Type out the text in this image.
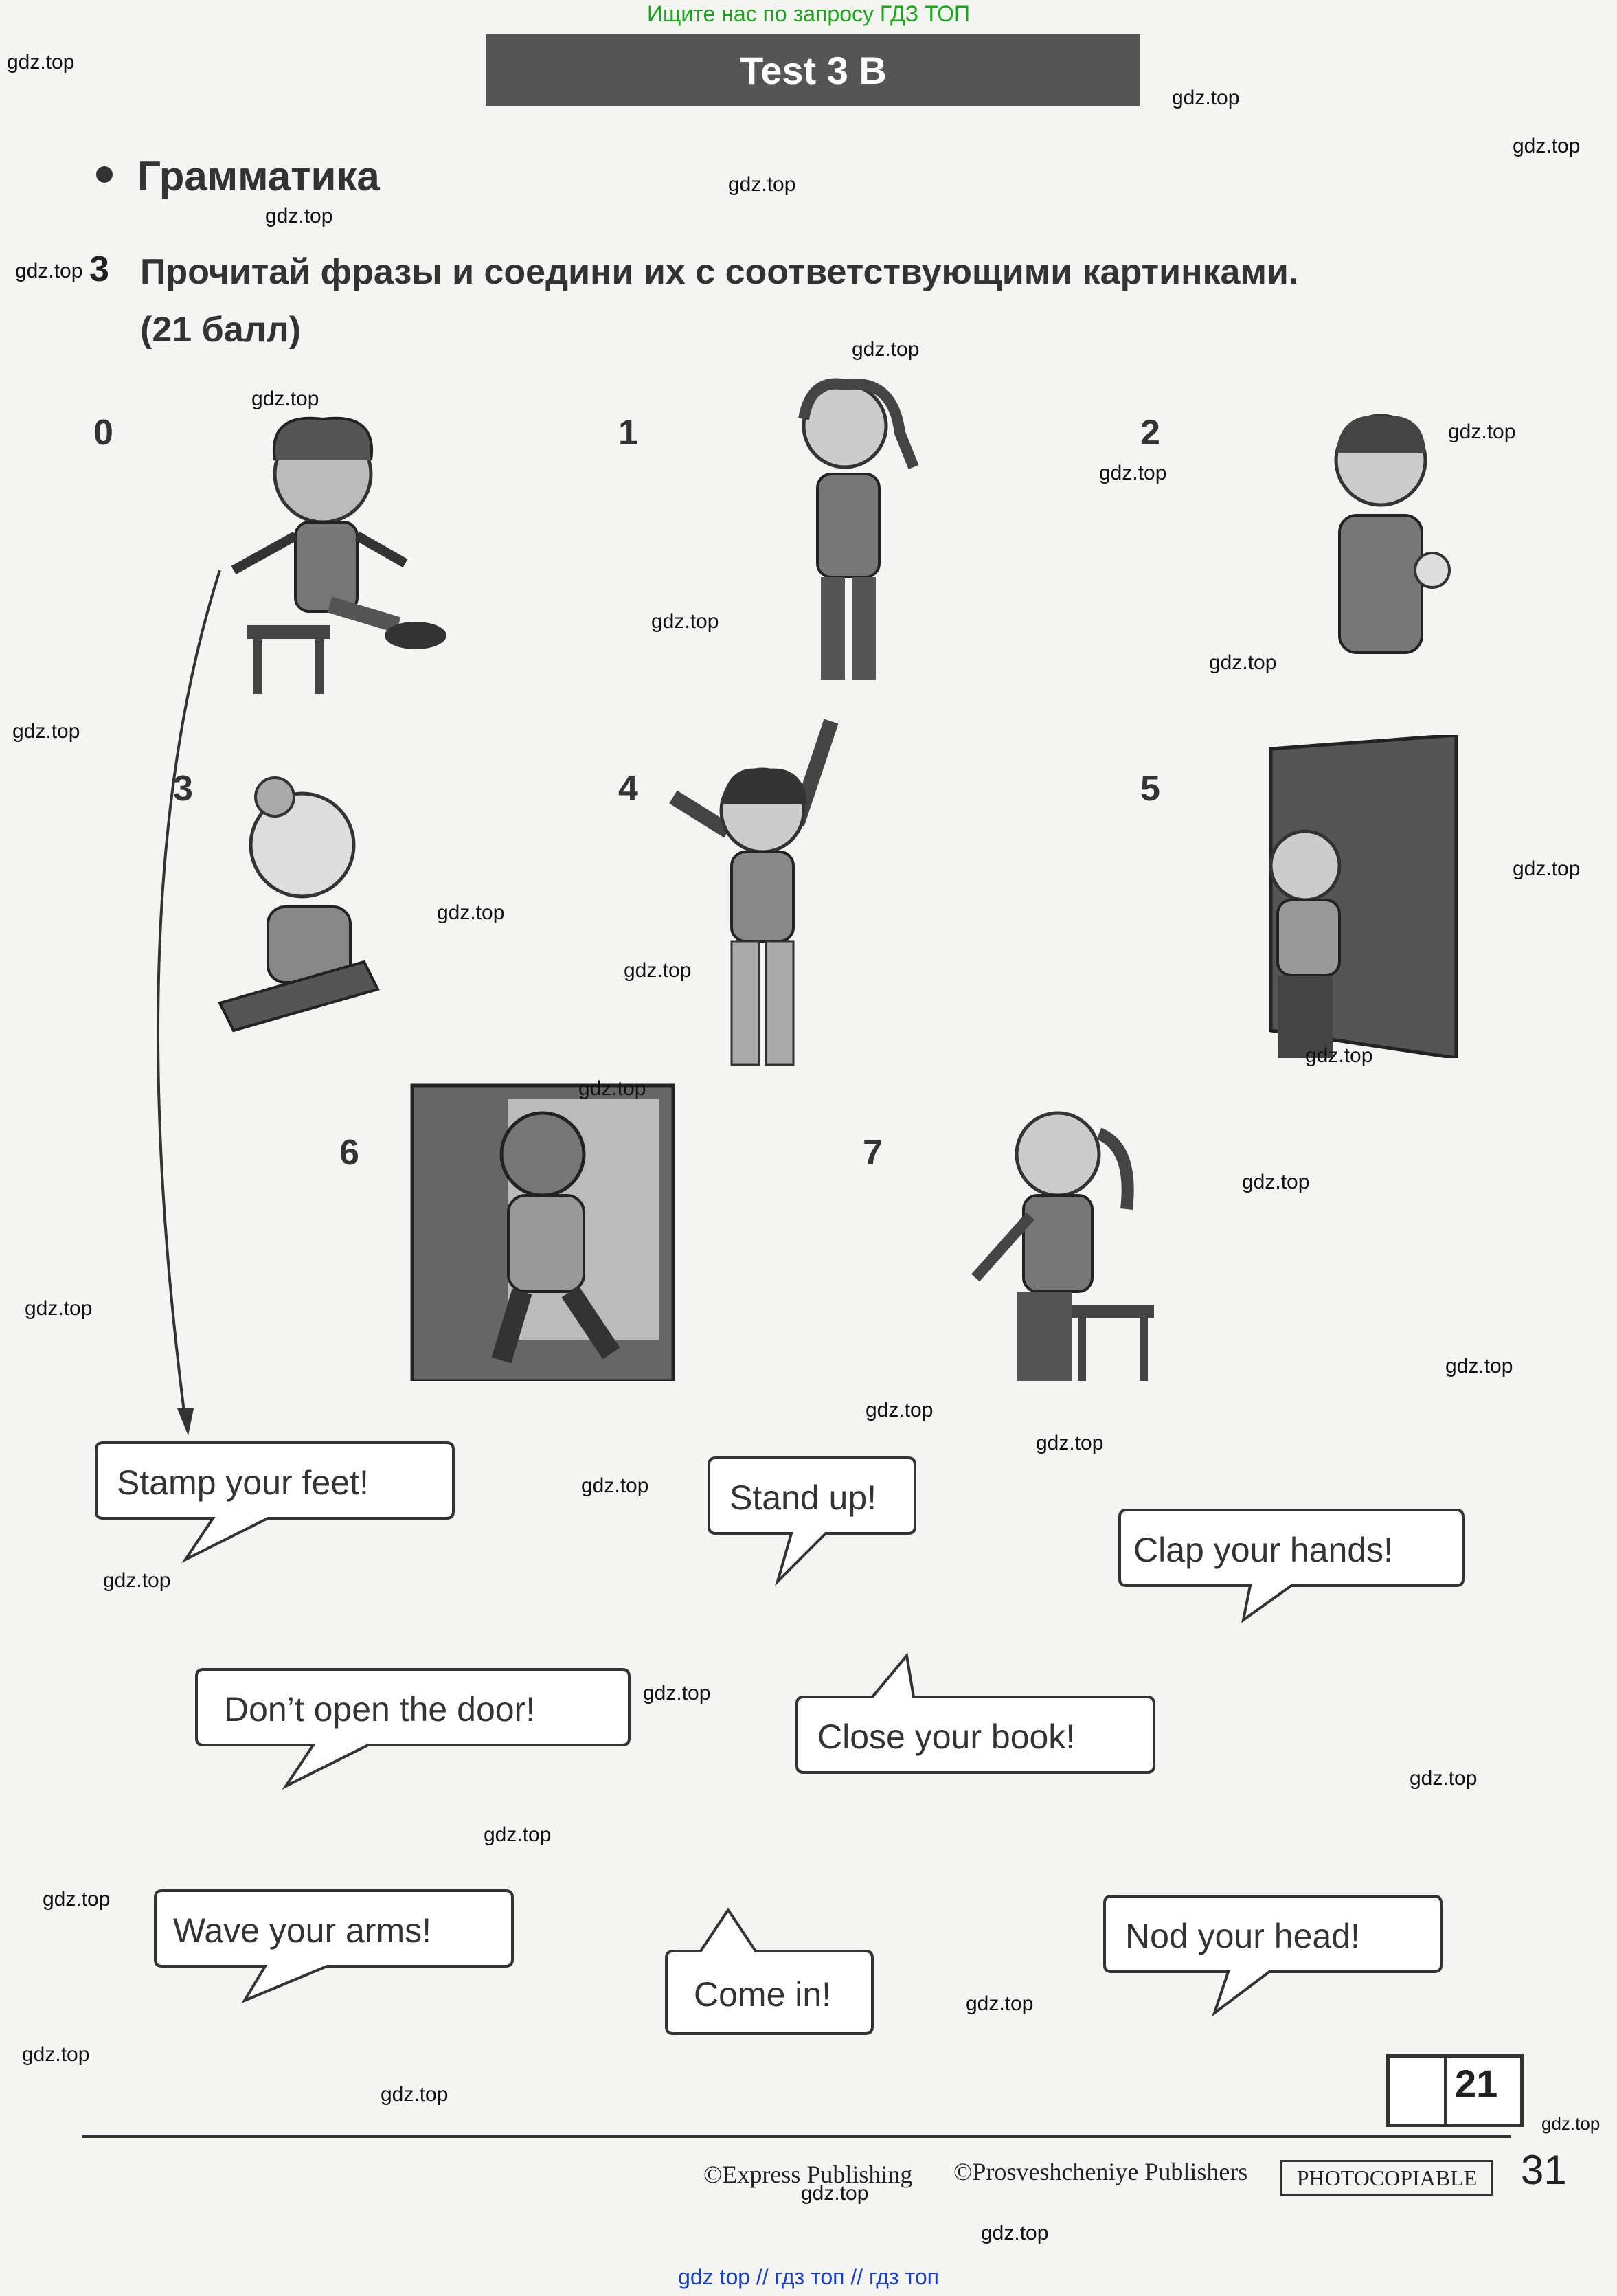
Ищите нас по запросу ГДЗ ТОП
Test 3 B
Грамматика
3 Прочитай фразы и соедини их с соответствующими картинками.
(21 балл)
0	1	2
3	4	5
6	7
Stamp your feet!	Stand up!
Clap your hands!
Don’t open the door!
Close your book!
Wave your arms!
Come in!
Nod your head!
21
©Express Publishing ©Prosveshcheniye Publishers	PHOTOCOPIABLE	31
gdz.top
gdz.top
gdz.top
gdz.top
gdz.top
gdz.top
gdz.top
gdz.top
gdz.top
gdz.top
gdz.top
gdz.top
gdz.top
gdz.top
gdz.top
gdz.top
gdz.top
gdz.top
gdz.top
gdz.top
gdz.top
gdz.top
gdz.top
gdz.top
gdz.top
gdz.top
gdz.top
gdz.top
gdz.top
gdz.top
gdz.top
gdz.top
gdz.top
gdz.top
gdz.top
gdz top // гдз топ // гдз топ
